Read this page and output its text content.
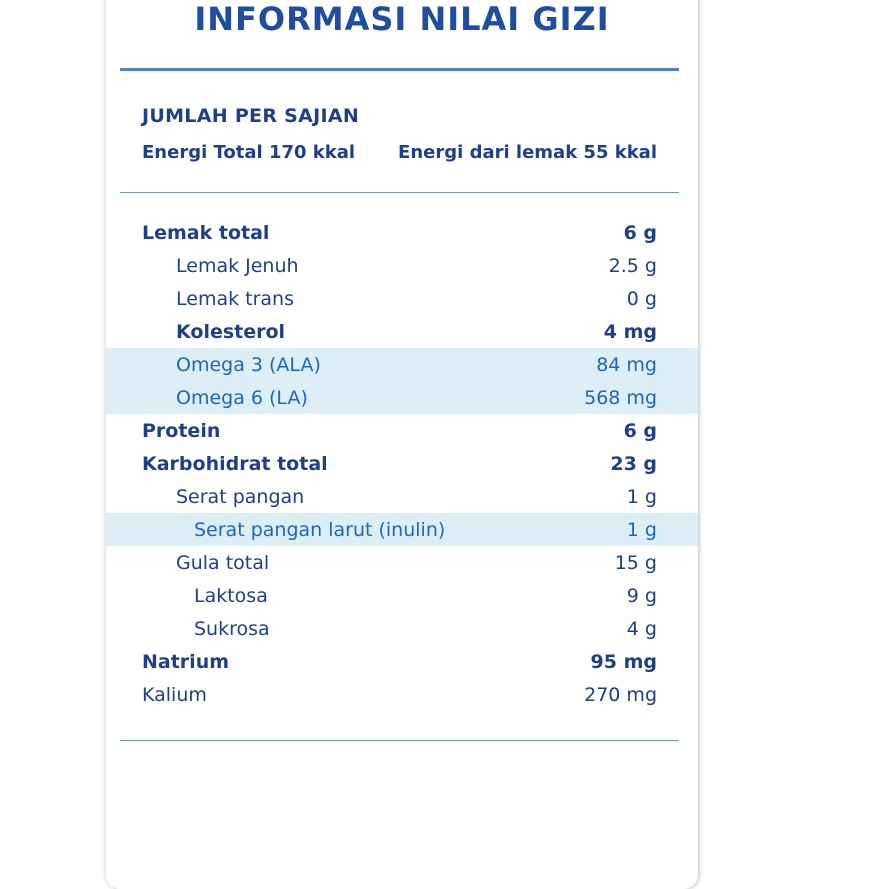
INFORMASI NILAI GIZI
JUMLAH PER SAJIAN
Energi Total 170 kkal Energi dari lemak 55 kkal
Lemak total	6 g
Lemak Jenuh	2.5 g
Lemak trans	0 g
Kolesterol	4 mg
Omega 3 (ALA)	84 mg
Omega 6 (LA)	568 mg
Protein	6 g
Karbohidrat total	23 g
Serat pangan	1 g
Serat pangan larut (inulin)	1 g
Gula total	15 g
Laktosa	9 g
Sukrosa	4 g
Natrium	95 mg
Kalium	270 mg
